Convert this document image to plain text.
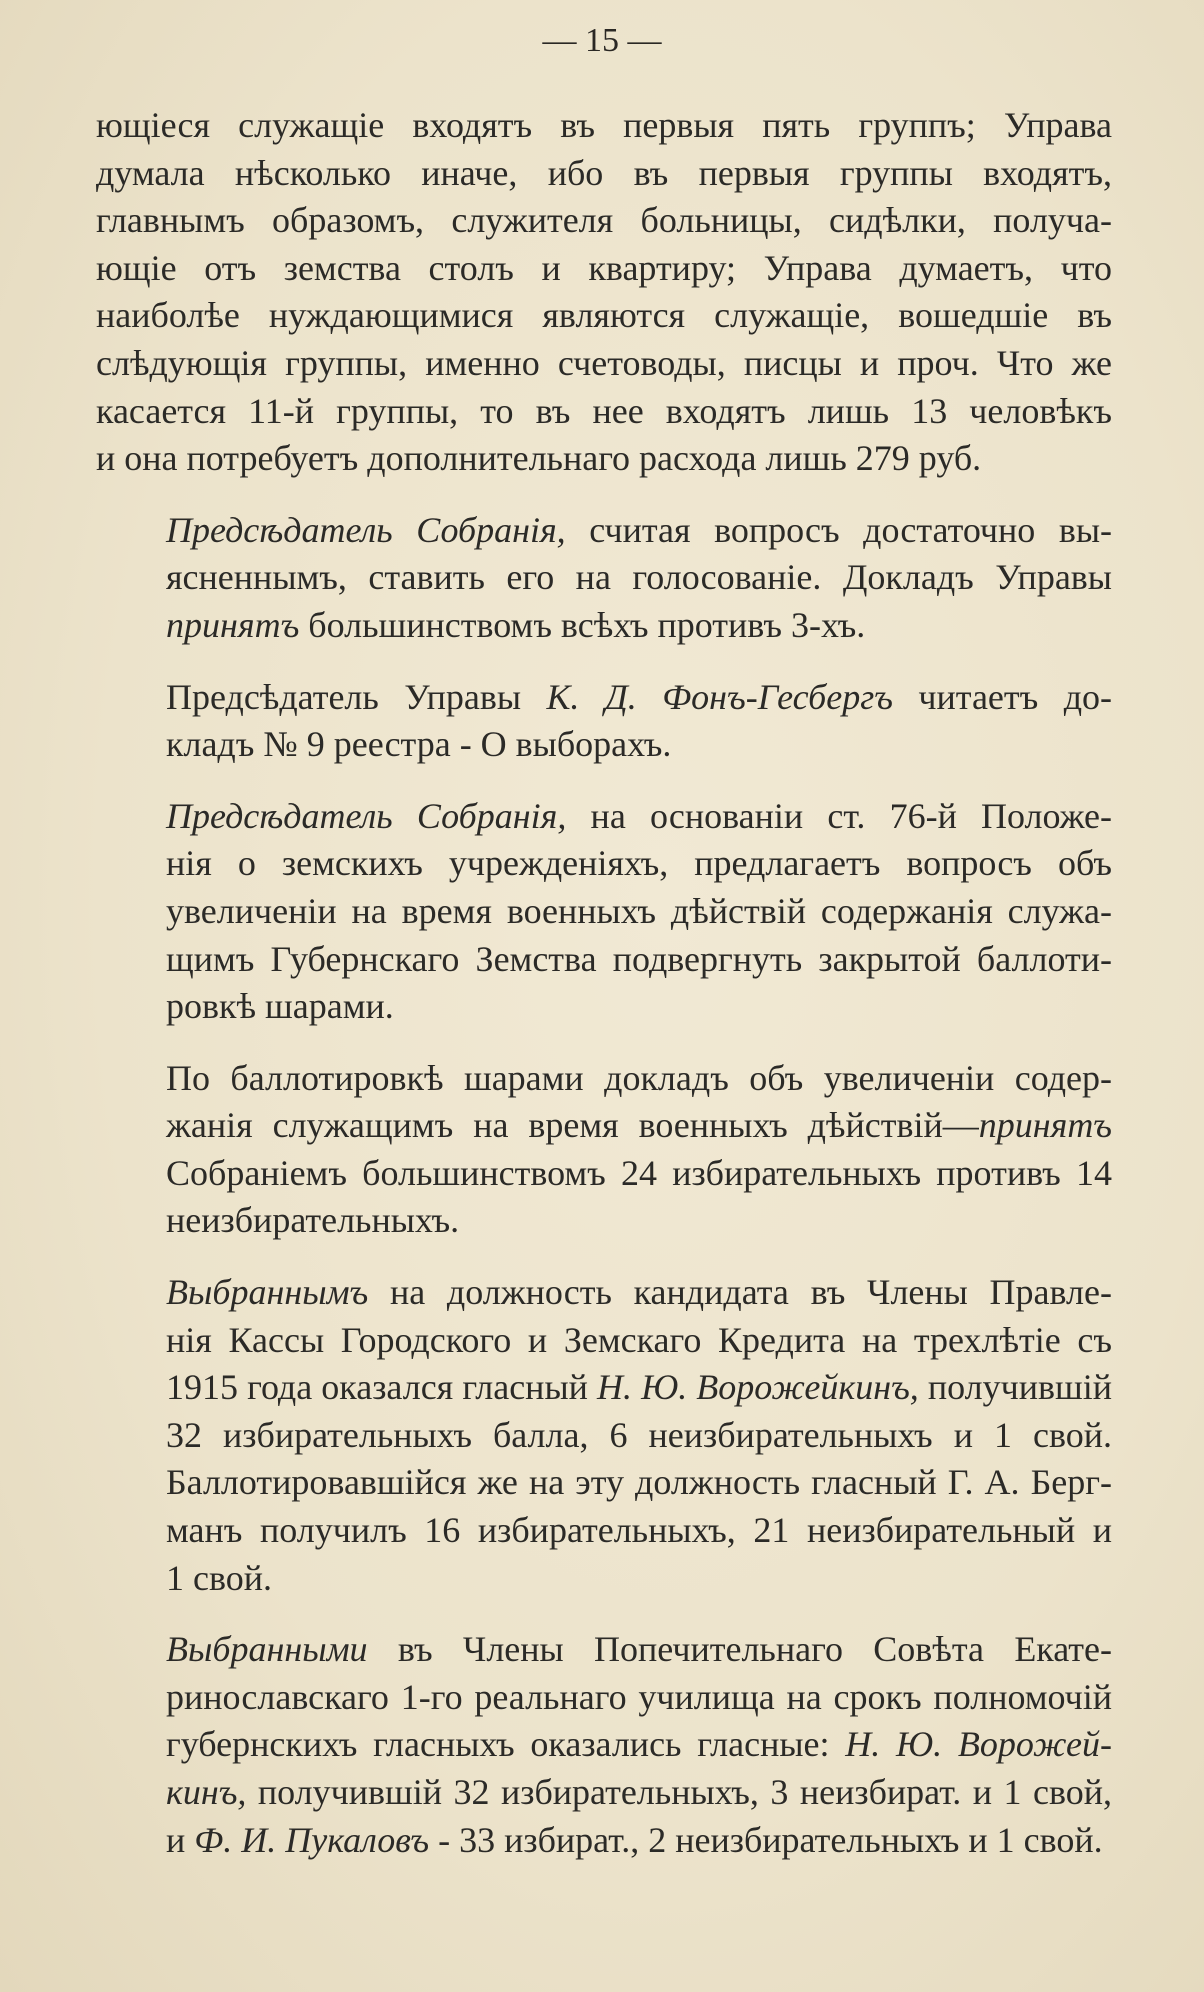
— 15 —

ющіеся служащіе входятъ въ первыя пять группъ; Управа
думала нѣсколько иначе, ибо въ первыя группы входятъ,
главнымъ образомъ, служителя больницы, сидѣлки, получа-
ющіе отъ земства столъ и квартиру; Управа думаетъ, что
наиболѣе нуждающимися являются служащіе, вошедшіе въ
слѣдующія группы, именно счетоводы, писцы и проч. Что же
касается 11-й группы, то въ нее входятъ лишь 13 человѣкъ
и она потребуетъ дополнительнаго расхода лишь 279 руб.

Предсѣдатель Собранія, считая вопросъ достаточно вы-
ясненнымъ, ставить его на голосованіе. Докладъ Управы
принятъ большинствомъ всѣхъ противъ 3-хъ.

Предсѣдатель Управы К. Д. Фонъ-Гесбергъ читаетъ до-
кладъ № 9 реестра - О выборахъ.

Предсѣдатель Собранія, на основаніи ст. 76-й Положе-
нія о земскихъ учрежденіяхъ, предлагаетъ вопросъ объ
увеличеніи на время военныхъ дѣйствій содержанія служа-
щимъ Губернскаго Земства подвергнуть закрытой баллоти-
ровкѣ шарами.

По баллотировкѣ шарами докладъ объ увеличеніи содер-
жанія служащимъ на время военныхъ дѣйствій—принятъ
Собраніемъ большинствомъ 24 избирательныхъ противъ 14
неизбирательныхъ.

Выбраннымъ на должность кандидата въ Члены Правле-
нія Кассы Городского и Земскаго Кредита на трехлѣтіе съ
1915 года оказался гласный Н. Ю. Ворожейкинъ, получившій
32 избирательныхъ балла, 6 неизбирательныхъ и 1 свой.
Баллотировавшійся же на эту должность гласный Г. А. Берг-
манъ получилъ 16 избирательныхъ, 21 неизбирательный и
1 свой.

Выбранными въ Члены Попечительнаго Совѣта Екате-
ринославскаго 1-го реальнаго училища на срокъ полномочій
губернскихъ гласныхъ оказались гласные: Н. Ю. Ворожей-
кинъ, получившій 32 избирательныхъ, 3 неизбират. и 1 свой,
и Ф. И. Пукаловъ - 33 избират., 2 неизбирательныхъ и 1 свой.
